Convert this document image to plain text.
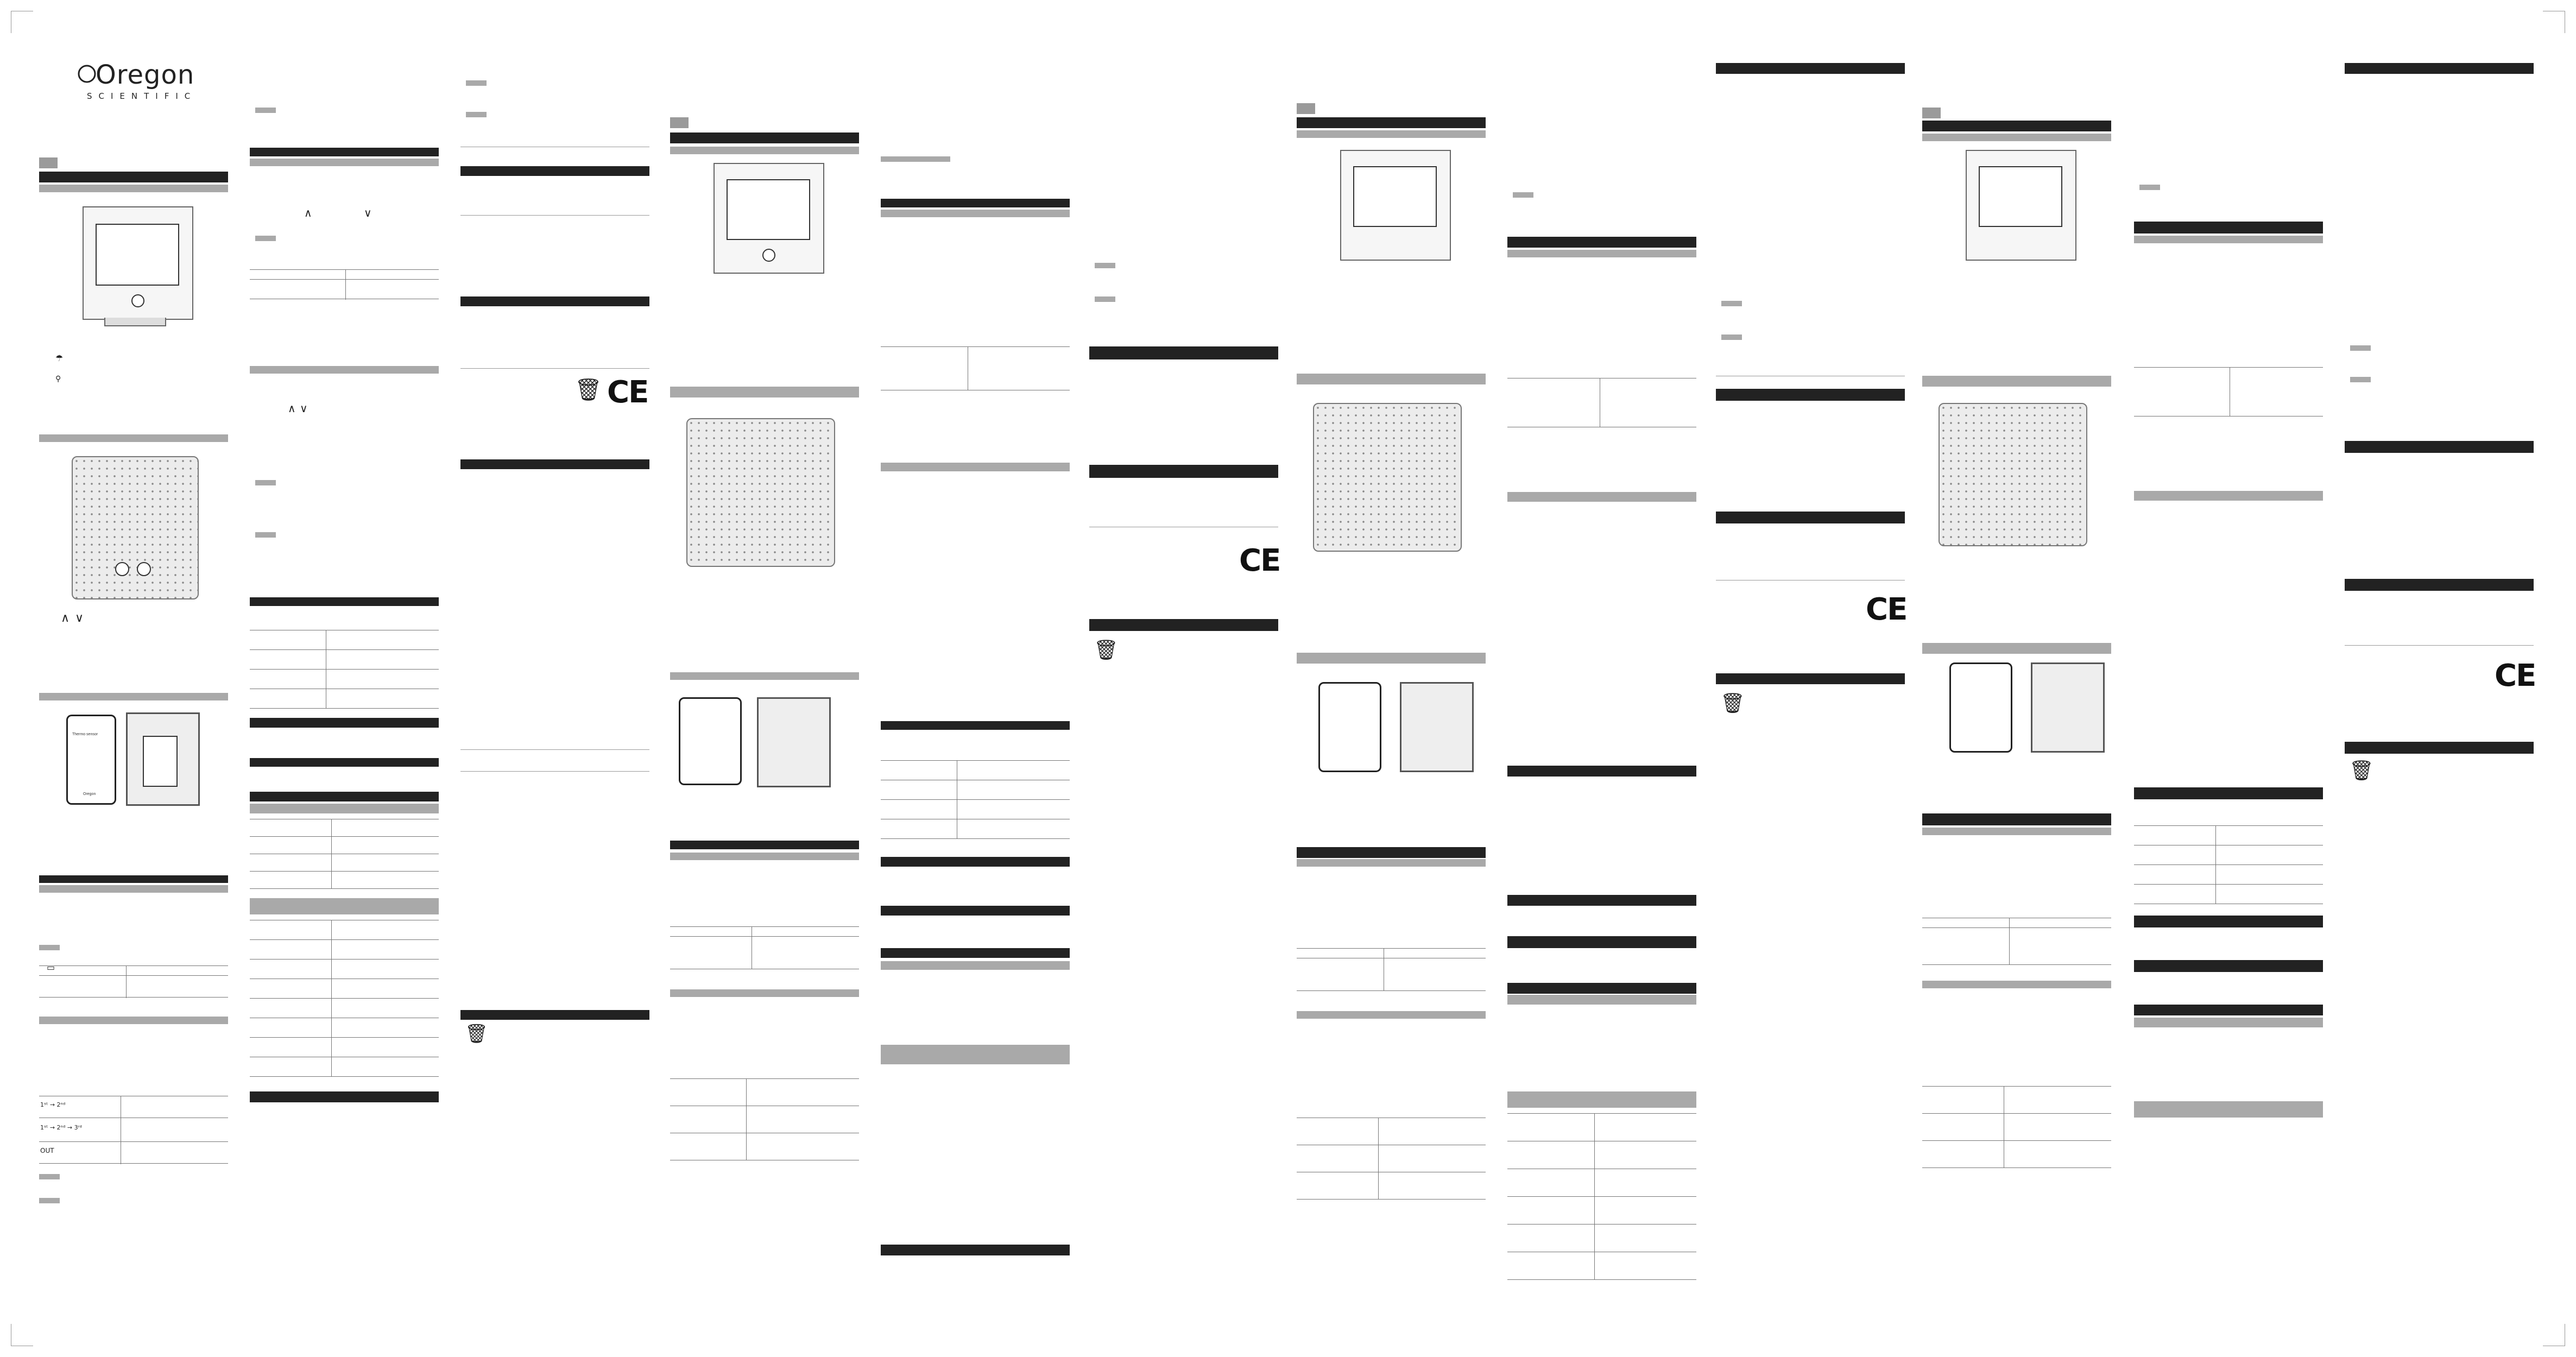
Oregon
SCIENTIFIC
☂
⚲
∧ ∨
Thermo sensor
Oregon
▭
1ˢᵗ → 2ⁿᵈ
1ˢᵗ → 2ⁿᵈ → 3ʳᵈ
OUT
∧	∨
∧ ∨	CE
🗑
🗑
CE
🗑
CE
🗑
CE
🗑
